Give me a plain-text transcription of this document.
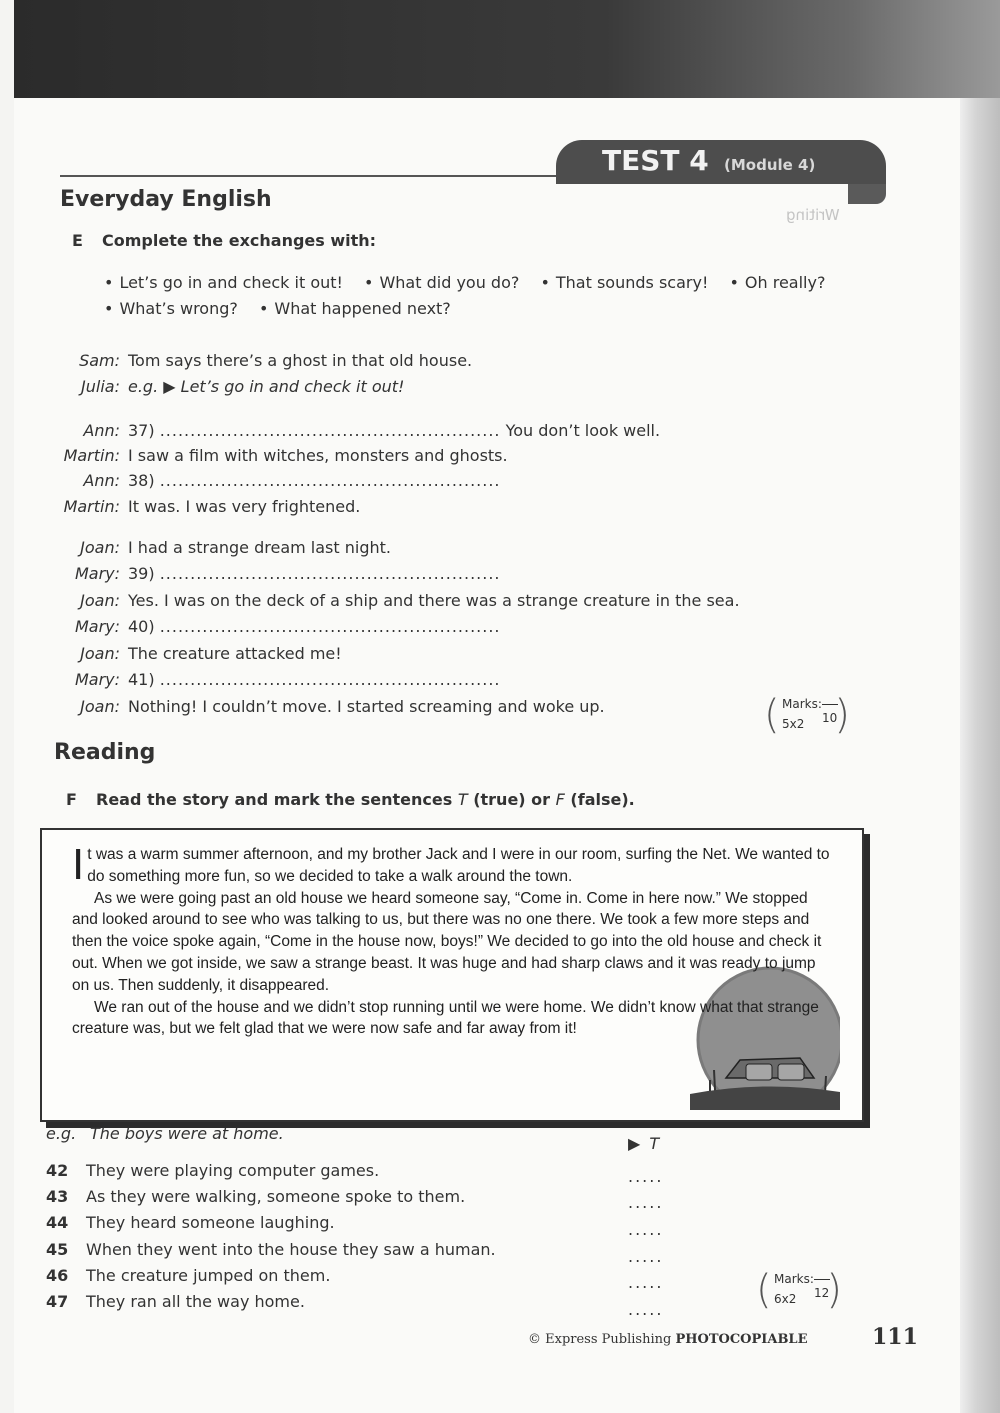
TEST 4 (Module 4)
Writing
Everyday English
E Complete the exchanges with:
• Let’s go in and check it out! • What did you do? • That sounds scary! • Oh really?
• What’s wrong? • What happened next?
Sam: Tom says there’s a ghost in that old house.
Julia: e.g. ▶ Let’s go in and check it out!
Ann: 37) ........................................................ You don’t look well.
Martin: I saw a film with witches, monsters and ghosts.
Ann: 38) ........................................................
Martin: It was. I was very frightened.
Joan: I had a strange dream last night.
Mary: 39) ........................................................
Joan: Yes. I was on the deck of a ship and there was a strange creature in the sea.
Mary: 40) ........................................................
Joan: The creature attacked me!
Mary: 41) ........................................................
Joan: Nothing! I couldn’t move. I started screaming and woke up.	( Marks:
10
5x2 )
Reading
F Read the story and mark the sentences T (true) or F (false).
It was a warm summer afternoon, and my brother Jack and I were in our room, surfing the Net. We wanted to do something more fun, so we decided to take a walk around the town.
As we were going past an old house we heard someone say, “Come in. Come in here now.” We stopped and looked around to see who was talking to us, but there was no one there. We took a few more steps and then the voice spoke again, “Come in the house now, boys!” We decided to go into the old house and check it out. When we got inside, we saw a strange beast. It was huge and had sharp claws and it was ready to jump on us. Then suddenly, it disappeared.
We ran out of the house and we didn’t stop running until we were home. We didn’t know what that strange creature was, but we felt glad that we were now safe and far away from it!
e.g. The boys were at home.
▶ T
42 They were playing computer games.	.....
43 As they were walking, someone spoke to them.	.....
44 They heard someone laughing.	.....
45 When they went into the house they saw a human.	.....
46 The creature jumped on them.	.....
47 They ran all the way home.	..... ( Marks:
12
6x2 )
© Express Publishing PHOTOCOPIABLE	111
